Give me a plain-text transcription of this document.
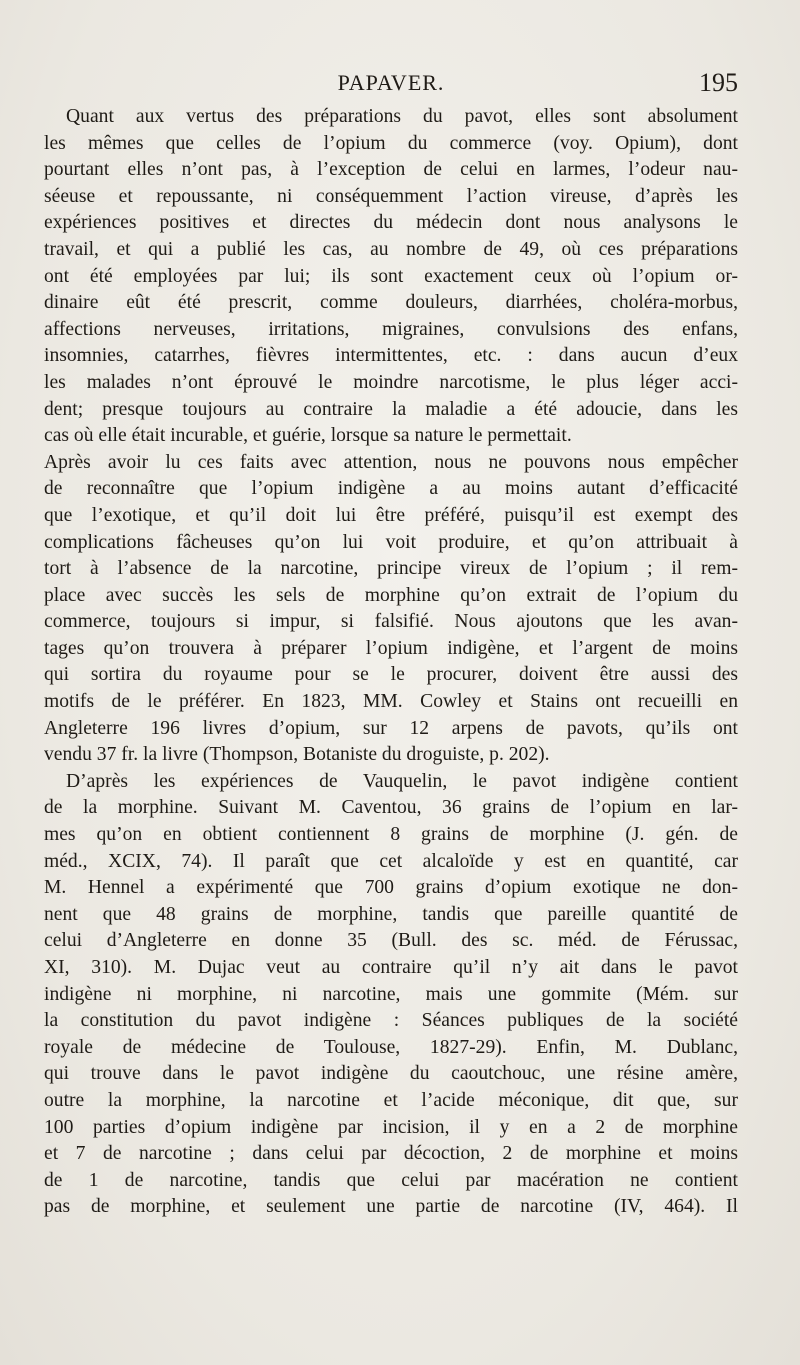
PAPAVER.	195
Quant aux vertus des préparations du pavot, elles sont absolument
les mêmes que celles de l’opium du commerce (voy. Opium), dont
pourtant elles n’ont pas, à l’exception de celui en larmes, l’odeur nau-
séeuse et repoussante, ni conséquemment l’action vireuse, d’après les
expériences positives et directes du médecin dont nous analysons le
travail, et qui a publié les cas, au nombre de 49, où ces préparations
ont été employées par lui; ils sont exactement ceux où l’opium or-
dinaire eût été prescrit, comme douleurs, diarrhées, choléra-morbus,
affections nerveuses, irritations, migraines, convulsions des enfans,
insomnies, catarrhes, fièvres intermittentes, etc. : dans aucun d’eux
les malades n’ont éprouvé le moindre narcotisme, le plus léger acci-
dent; presque toujours au contraire la maladie a été adoucie, dans les
cas où elle était incurable, et guérie, lorsque sa nature le permettait.
Après avoir lu ces faits avec attention, nous ne pouvons nous empêcher
de reconnaître que l’opium indigène a au moins autant d’efficacité
que l’exotique, et qu’il doit lui être préféré, puisqu’il est exempt des
complications fâcheuses qu’on lui voit produire, et qu’on attribuait à
tort à l’absence de la narcotine, principe vireux de l’opium ; il rem-
place avec succès les sels de morphine qu’on extrait de l’opium du
commerce, toujours si impur, si falsifié. Nous ajoutons que les avan-
tages qu’on trouvera à préparer l’opium indigène, et l’argent de moins
qui sortira du royaume pour se le procurer, doivent être aussi des
motifs de le préférer. En 1823, MM. Cowley et Stains ont recueilli en
Angleterre 196 livres d’opium, sur 12 arpens de pavots, qu’ils ont
vendu 37 fr. la livre (Thompson, Botaniste du droguiste, p. 202).
D’après les expériences de Vauquelin, le pavot indigène contient
de la morphine. Suivant M. Caventou, 36 grains de l’opium en lar-
mes qu’on en obtient contiennent 8 grains de morphine (J. gén. de
méd., XCIX, 74). Il paraît que cet alcaloïde y est en quantité, car
M. Hennel a expérimenté que 700 grains d’opium exotique ne don-
nent que 48 grains de morphine, tandis que pareille quantité de
celui d’Angleterre en donne 35 (Bull. des sc. méd. de Férussac,
XI, 310). M. Dujac veut au contraire qu’il n’y ait dans le pavot
indigène ni morphine, ni narcotine, mais une gommite (Mém. sur
la constitution du pavot indigène : Séances publiques de la société
royale de médecine de Toulouse, 1827-29). Enfin, M. Dublanc,
qui trouve dans le pavot indigène du caoutchouc, une résine amère,
outre la morphine, la narcotine et l’acide méconique, dit que, sur
100 parties d’opium indigène par incision, il y en a 2 de morphine
et 7 de narcotine ; dans celui par décoction, 2 de morphine et moins
de 1 de narcotine, tandis que celui par macération ne contient
pas de morphine, et seulement une partie de narcotine (IV, 464). Il
